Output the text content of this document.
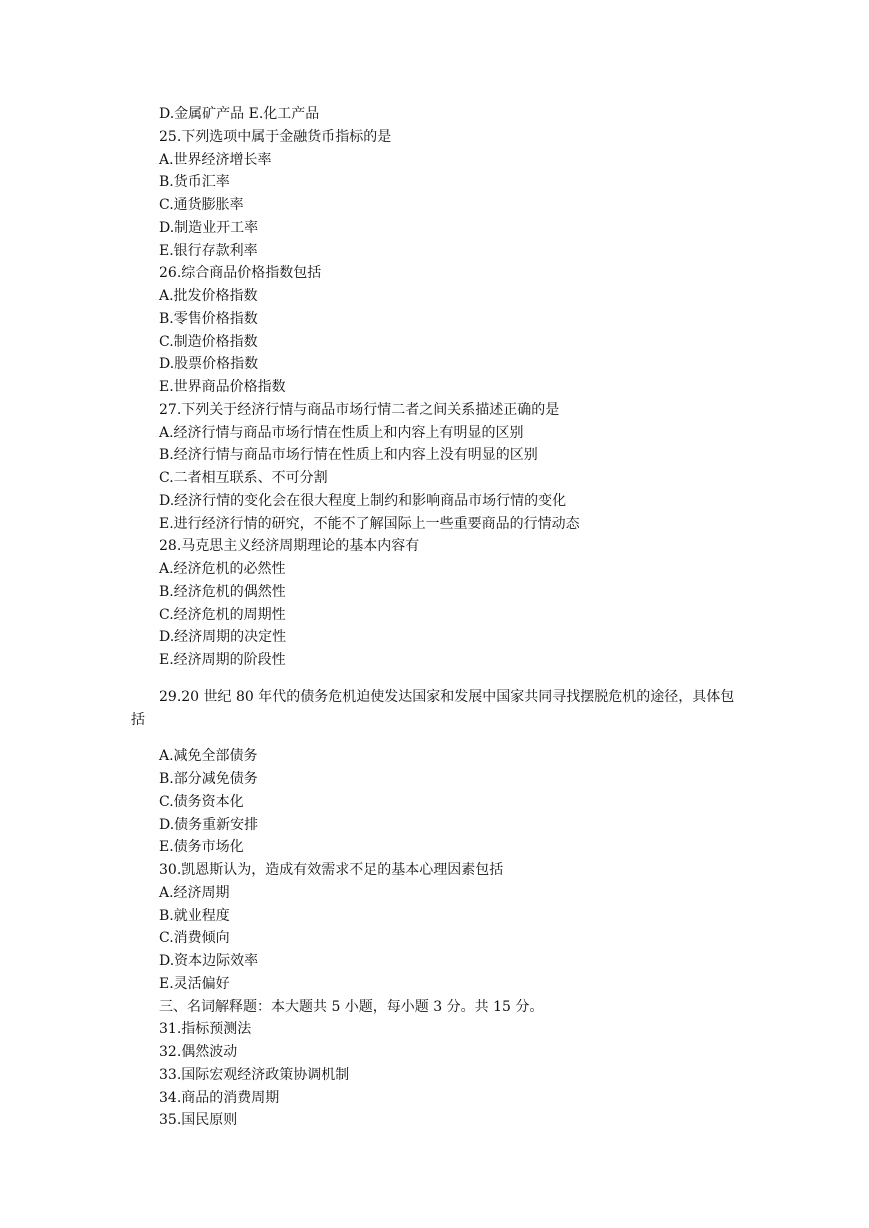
D.金属矿产品 E.化工产品

25.下列选项中属于金融货币指标的是

A.世界经济增长率

B.货币汇率

C.通货膨胀率

D.制造业开工率

E.银行存款利率

26.综合商品价格指数包括

A.批发价格指数

B.零售价格指数

C.制造价格指数

D.股票价格指数

E.世界商品价格指数

27.下列关于经济行情与商品市场行情二者之间关系描述正确的是

A.经济行情与商品市场行情在性质上和内容上有明显的区别

B.经济行情与商品市场行情在性质上和内容上没有明显的区别

C.二者相互联系、不可分割

D.经济行情的变化会在很大程度上制约和影响商品市场行情的变化

E.进行经济行情的研究，不能不了解国际上一些重要商品的行情动态

28.马克思主义经济周期理论的基本内容有

A.经济危机的必然性

B.经济危机的偶然性

C.经济危机的周期性

D.经济周期的决定性

E.经济周期的阶段性

29.20 世纪 80 年代的债务危机迫使发达国家和发展中国家共同寻找摆脱危机的途径，具体包括

A.减免全部债务

B.部分减免债务

C.债务资本化

D.债务重新安排

E.债务市场化

30.凯恩斯认为，造成有效需求不足的基本心理因素包括

A.经济周期

B.就业程度

C.消费倾向

D.资本边际效率

E.灵活偏好

三、名词解释题：本大题共 5 小题，每小题 3 分。共 15 分。

31.指标预测法

32.偶然波动

33.国际宏观经济政策协调机制

34.商品的消费周期

35.国民原则
